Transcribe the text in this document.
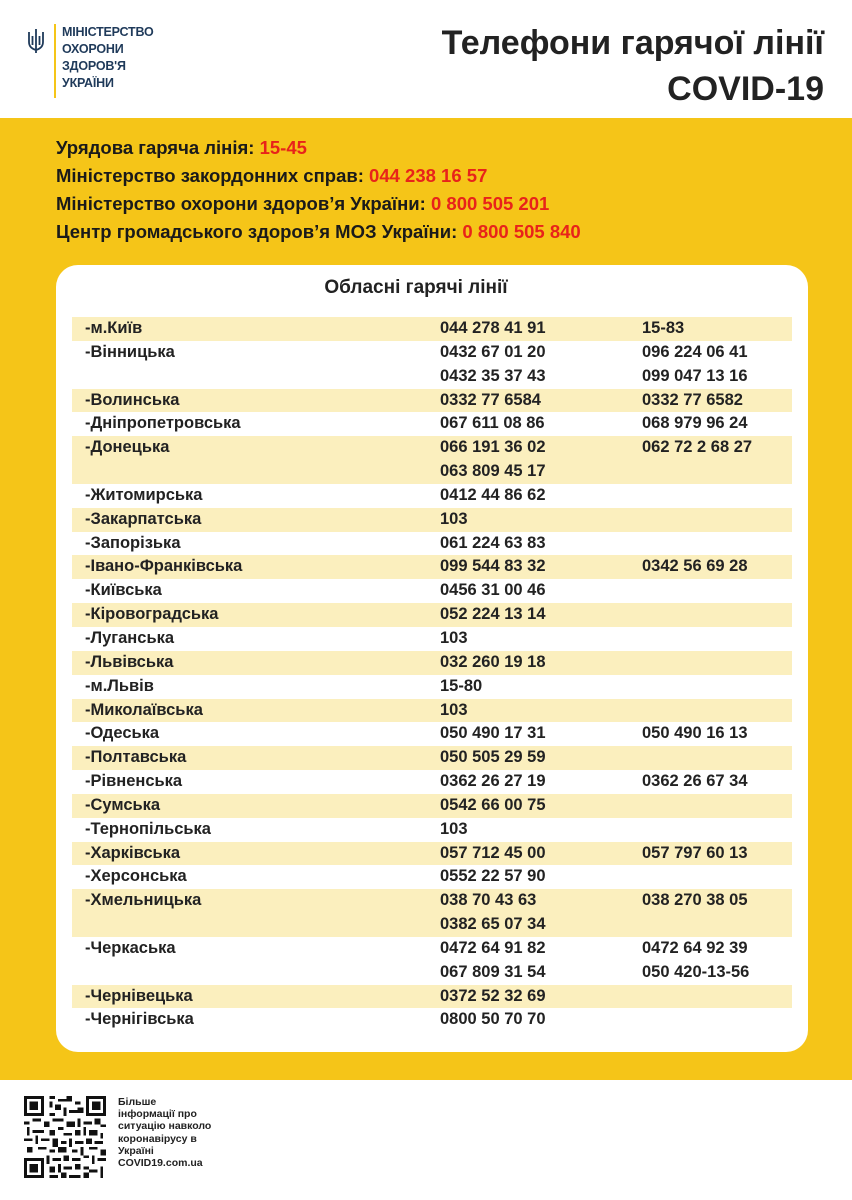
МІНІСТЕРСТВО
ОХОРОНИ
ЗДОРОВ'Я
УКРАЇНИ
Телефони гарячої лінії
COVID-19
Урядова гаряча лінія: 15-45
Міністерство закордонних справ: 044 238 16 57
Міністерство охорони здоров’я України: 0 800 505 201
Центр громадського здоров’я МОЗ України: 0 800 505 840
Обласні гарячі лінії
-м.Київ	044 278 41 91	15-83
-Вінницька	0432 67 01 20	096 224 06 41
0432 35 37 43	099 047 13 16
-Волинська	0332 77 6584	0332 77 6582
-Дніпропетровська	067 611 08 86	068 979 96 24
-Донецька	066 191 36 02	062 72 2 68 27
063 809 45 17
-Житомирська	0412 44 86 62
-Закарпатська	103
-Запорізька	061 224 63 83
-Івано-Франківська	099 544 83 32	0342 56 69 28
-Київська	0456 31 00 46
-Кіровоградська	052 224 13 14
-Луганська	103
-Львівська	032 260 19 18
-м.Львів	15-80
-Миколаївська	103
-Одеська	050 490 17 31	050 490 16 13
-Полтавська	050 505 29 59
-Рівненська	0362 26 27 19	0362 26 67 34
-Сумська	0542 66 00 75
-Тернопільська	103
-Харківська	057 712 45 00	057 797 60 13
-Херсонська	0552 22 57 90
-Хмельницька	038 70 43 63	038 270 38 05
0382 65 07 34
-Черкаська	0472 64 91 82	0472 64 92 39
067 809 31 54	050 420-13-56
-Чернівецька	0372 52 32 69
-Чернігівська	0800 50 70 70
Більше
інформації про
ситуацію навколо
коронавірусу в
Україні
COVID19.com.ua
